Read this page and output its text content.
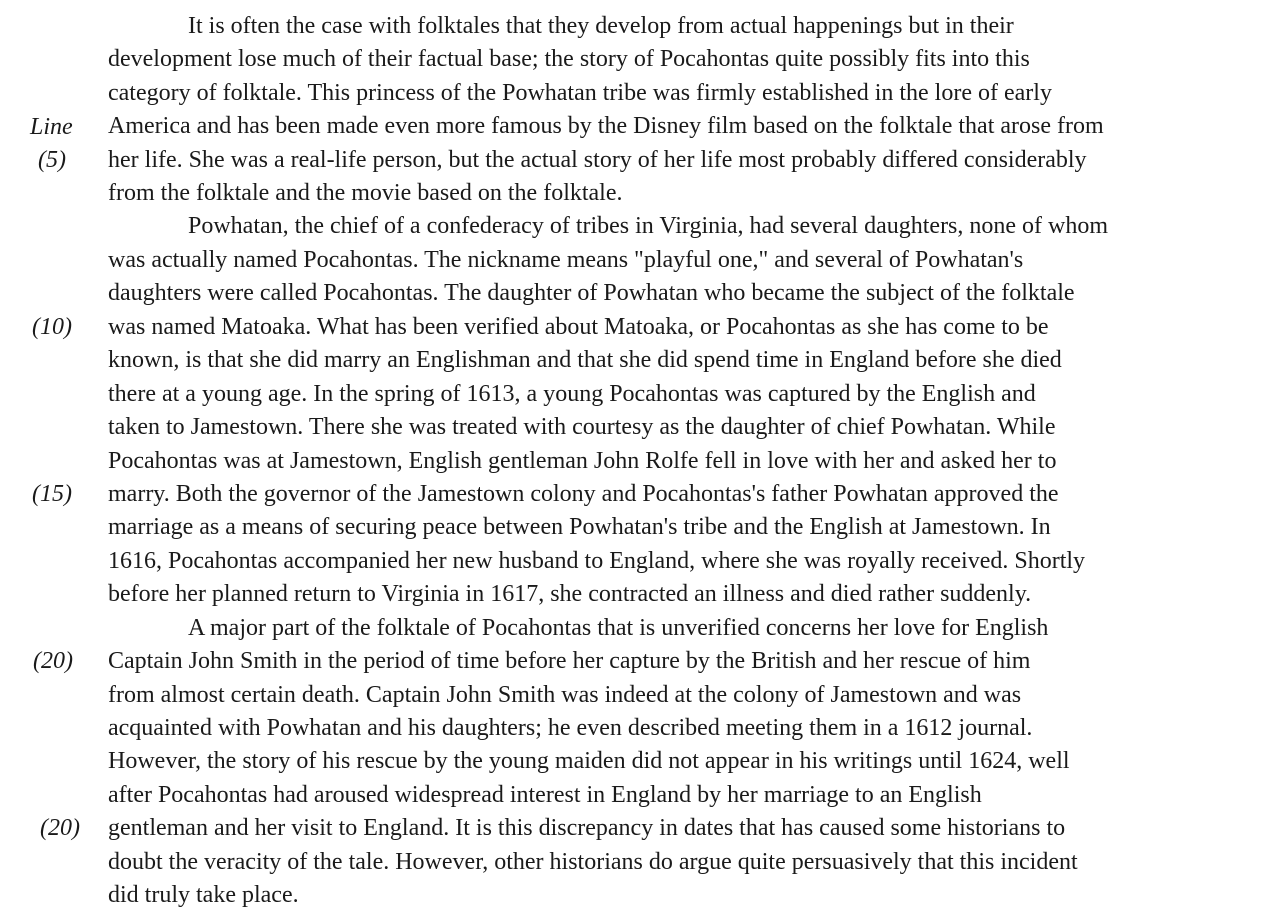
Line
(5)
(10)
(15)
(20)
(20)
It is often the case with folktales that they develop from actual happenings but in their
development lose much of their factual base; the story of Pocahontas quite possibly fits into this
category of folktale. This princess of the Powhatan tribe was firmly established in the lore of early
America and has been made even more famous by the Disney film based on the folktale that arose from
her life. She was a real-life person, but the actual story of her life most probably differed considerably
from the folktale and the movie based on the folktale.
Powhatan, the chief of a confederacy of tribes in Virginia, had several daughters, none of whom
was actually named Pocahontas. The nickname means "playful one," and several of Powhatan's
daughters were called Pocahontas. The daughter of Powhatan who became the subject of the folktale
was named Matoaka. What has been verified about Matoaka, or Pocahontas as she has come to be
known, is that she did marry an Englishman and that she did spend time in England before she died
there at a young age. In the spring of 1613, a young Pocahontas was captured by the English and
taken to Jamestown. There she was treated with courtesy as the daughter of chief Powhatan. While
Pocahontas was at Jamestown, English gentleman John Rolfe fell in love with her and asked her to
marry. Both the governor of the Jamestown colony and Pocahontas's father Powhatan approved the
marriage as a means of securing peace between Powhatan's tribe and the English at Jamestown. In
1616, Pocahontas accompanied her new husband to England, where she was royally received. Shortly
before her planned return to Virginia in 1617, she contracted an illness and died rather suddenly.
A major part of the folktale of Pocahontas that is unverified concerns her love for English
Captain John Smith in the period of time before her capture by the British and her rescue of him
from almost certain death. Captain John Smith was indeed at the colony of Jamestown and was
acquainted with Powhatan and his daughters; he even described meeting them in a 1612 journal.
However, the story of his rescue by the young maiden did not appear in his writings until 1624, well
after Pocahontas had aroused widespread interest in England by her marriage to an English
gentleman and her visit to England. It is this discrepancy in dates that has caused some historians to
doubt the veracity of the tale. However, other historians do argue quite persuasively that this incident
did truly take place.
